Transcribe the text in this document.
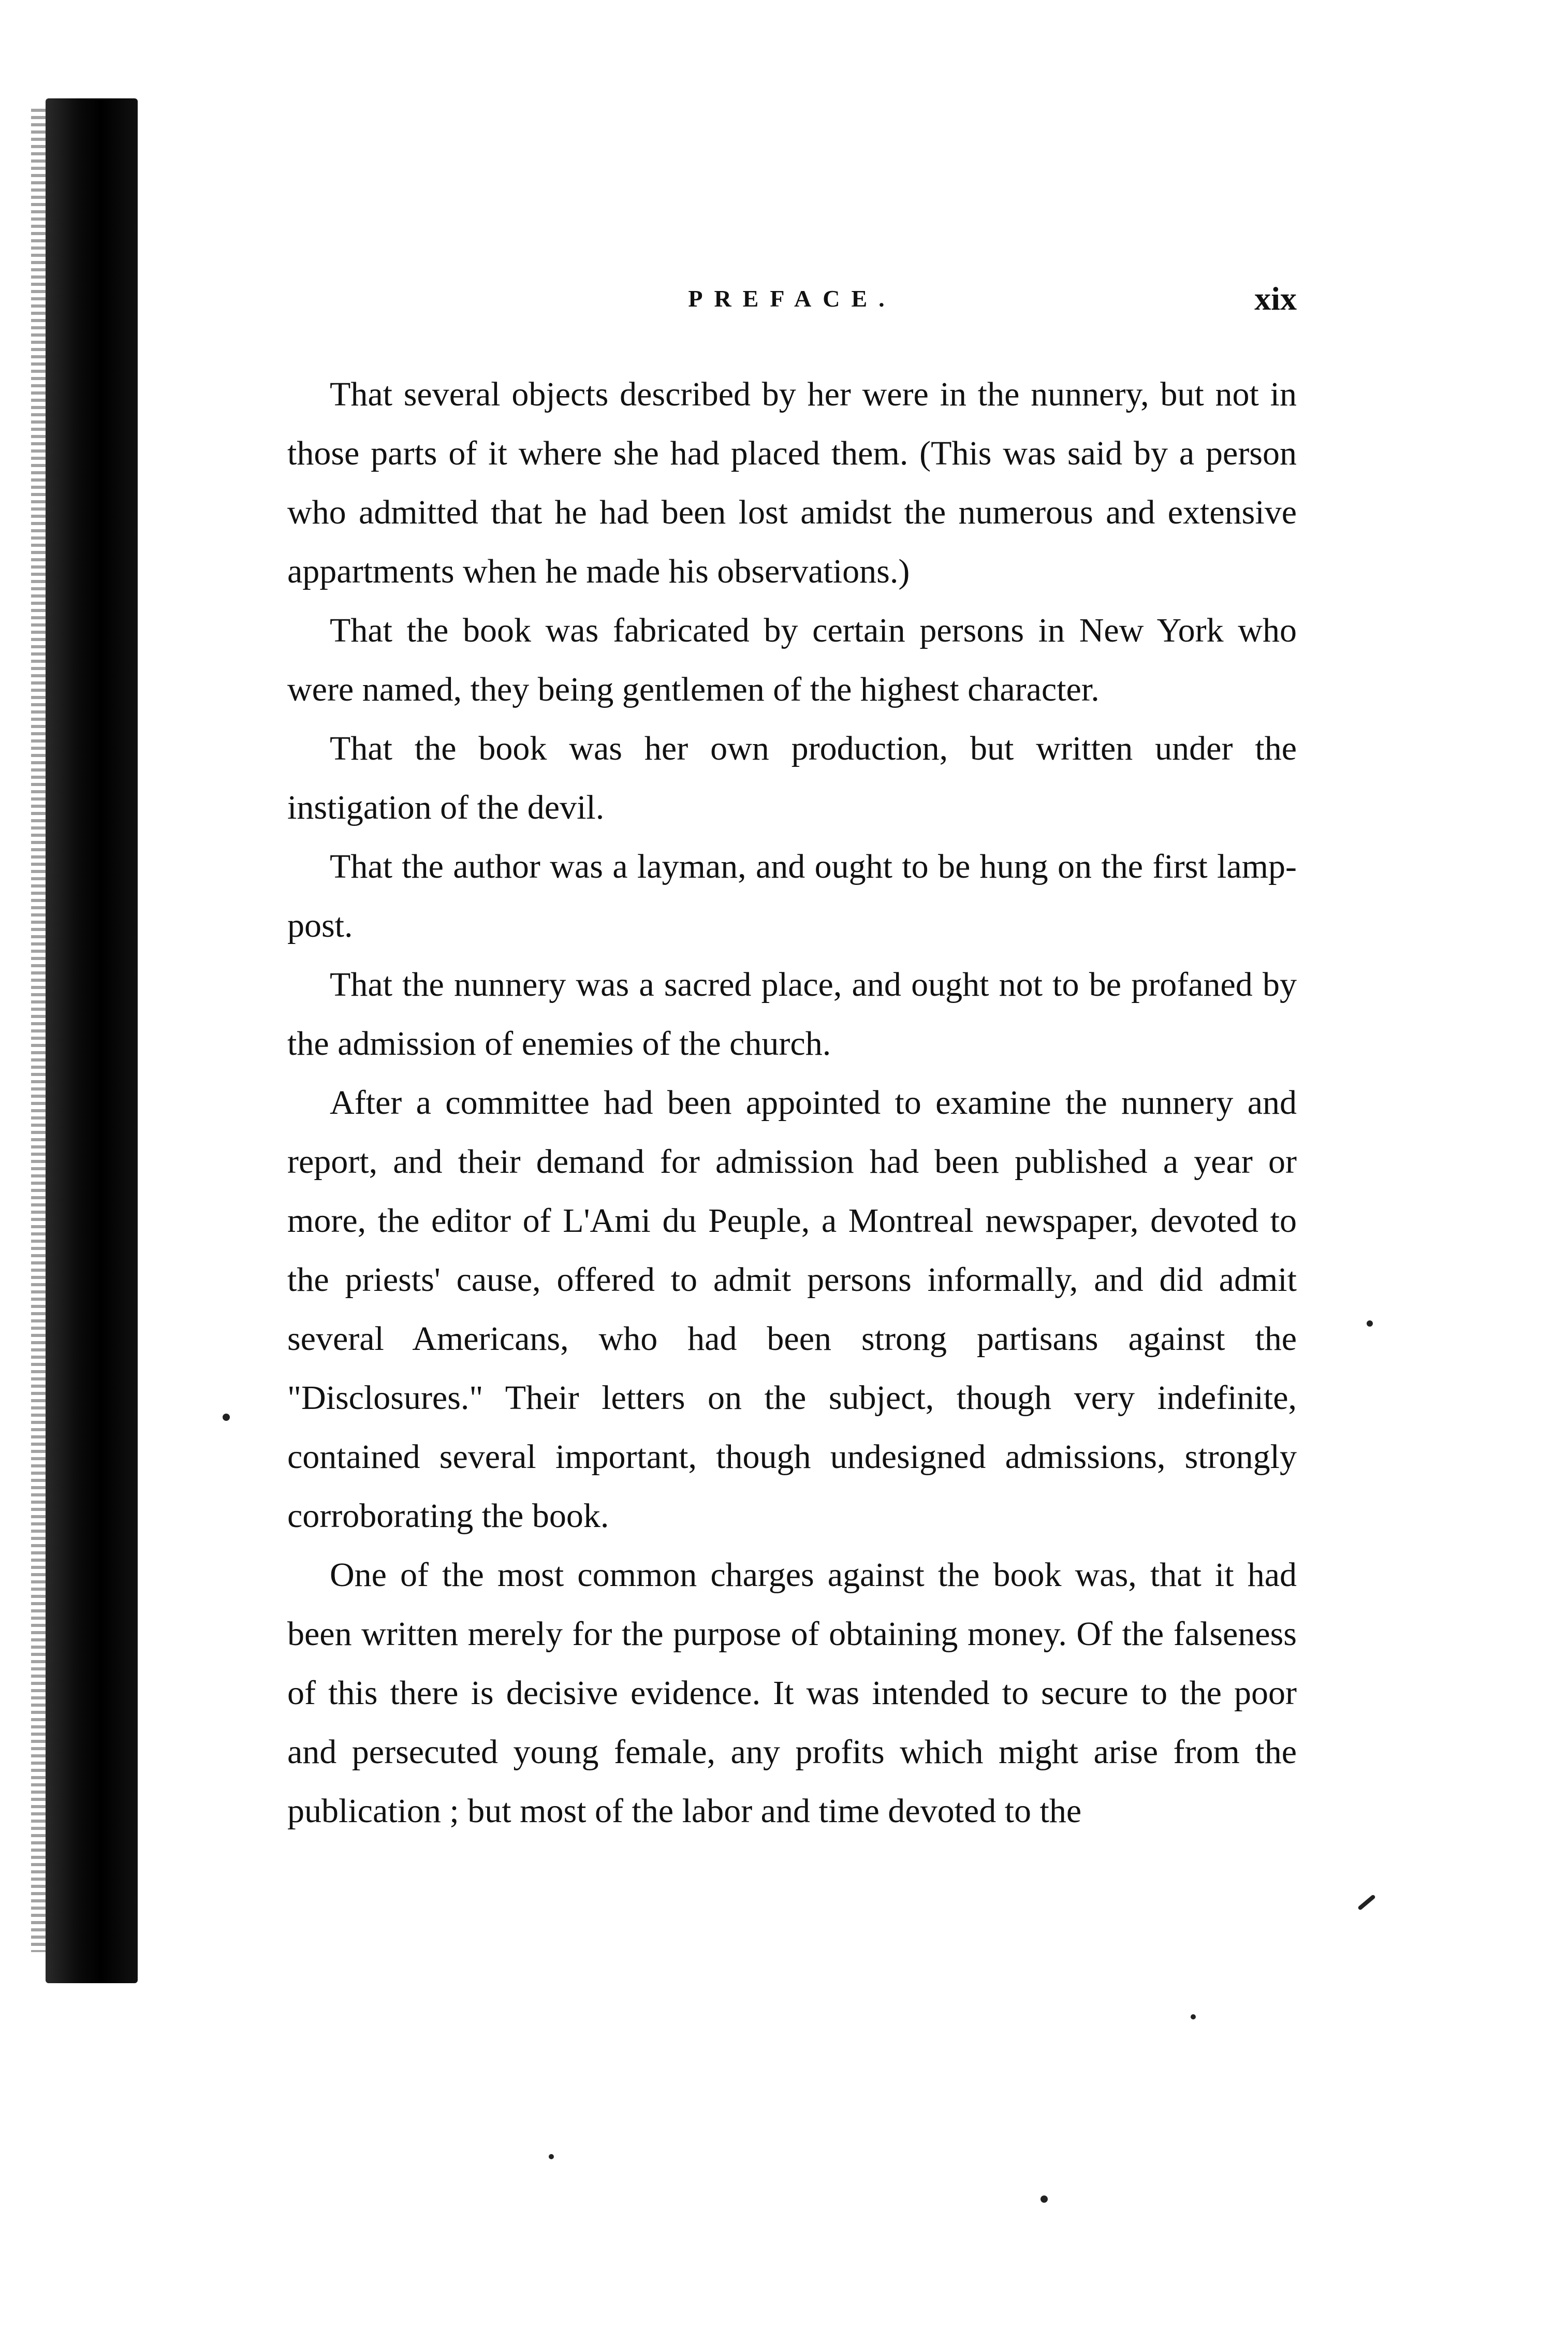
PREFACE.	xix

That several objects described by her were in the nunnery, but not in those parts of it where she had placed them. (This was said by a person who admitted that he had been lost amidst the numerous and extensive appartments when he made his observations.)

That the book was fabricated by certain persons in New York who were named, they being gentlemen of the highest character.

That the book was her own production, but written under the instigation of the devil.

That the author was a layman, and ought to be hung on the first lamp-post.

That the nunnery was a sacred place, and ought not to be profaned by the admission of enemies of the church.

After a committee had been appointed to examine the nunnery and report, and their demand for admission had been published a year or more, the editor of L'Ami du Peuple, a Montreal newspaper, devoted to the priests' cause, offered to admit persons informally, and did admit several Americans, who had been strong partisans against the "Disclosures." Their letters on the subject, though very indefinite, contained several important, though undesigned admissions, strongly corroborating the book.

One of the most common charges against the book was, that it had been written merely for the purpose of obtaining money. Of the falseness of this there is decisive evidence. It was intended to secure to the poor and persecuted young female, any profits which might arise from the publication ; but most of the labor and time devoted to the
